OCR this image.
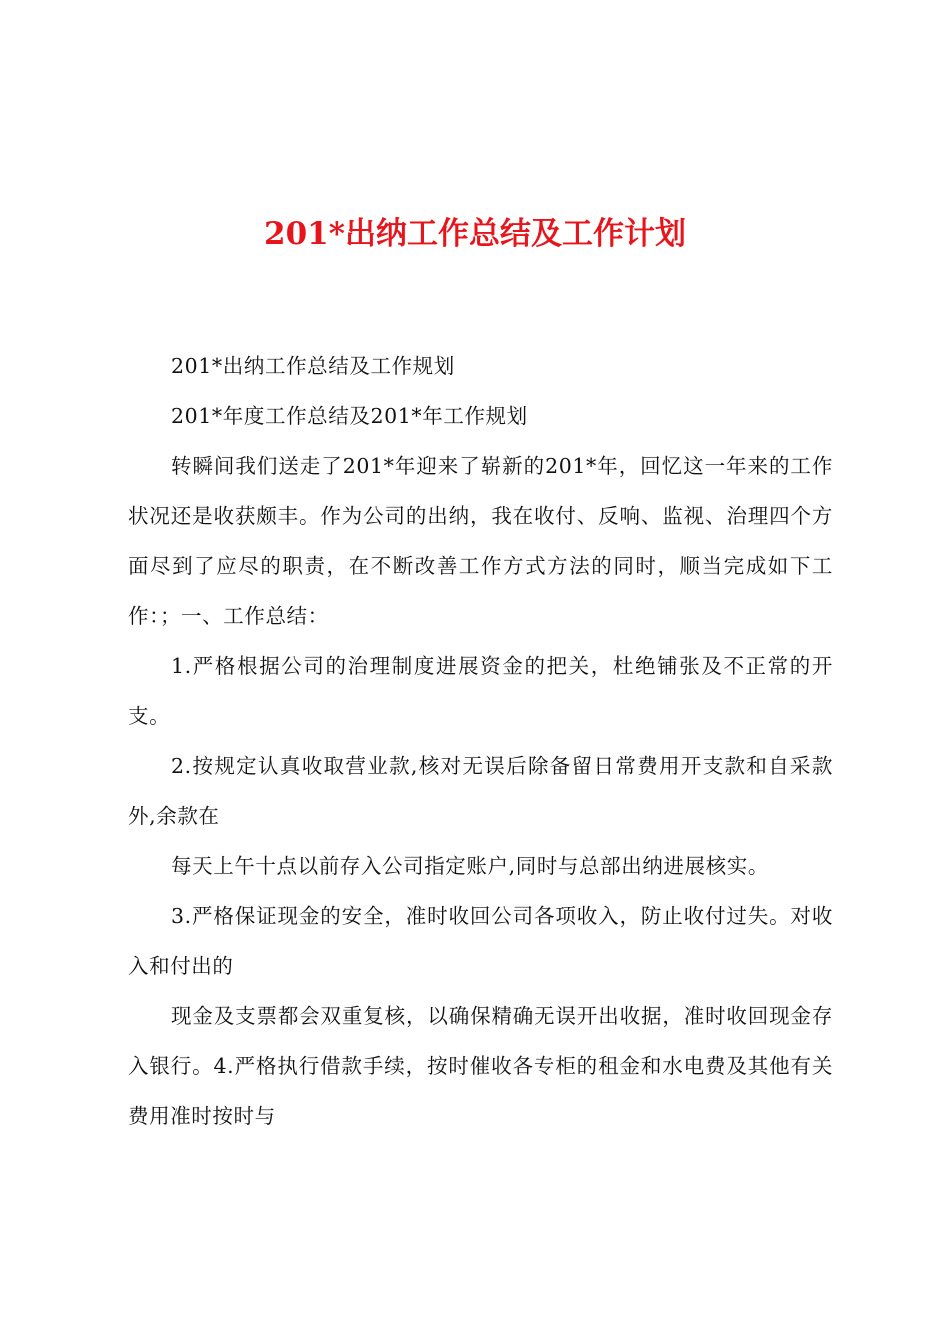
201*出纳工作总结及工作计划

201*出纳工作总结及工作规划

201*年度工作总结及201*年工作规划

转瞬间我们送走了201*年迎来了崭新的201*年，回忆这一年来的工作状况还是收获颇丰。作为公司的出纳，我在收付、反响、监视、治理四个方面尽到了应尽的职责，在不断改善工作方式方法的同时，顺当完成如下工作：；一、工作总结：

1.严格根据公司的治理制度进展资金的把关，杜绝铺张及不正常的开支。

2.按规定认真收取营业款,核对无误后除备留日常费用开支款和自采款外,余款在

每天上午十点以前存入公司指定账户,同时与总部出纳进展核实。

3.严格保证现金的安全，准时收回公司各项收入，防止收付过失。对收入和付出的

现金及支票都会双重复核，以确保精确无误开出收据，准时收回现金存入银行。4.严格执行借款手续，按时催收各专柜的租金和水电费及其他有关费用准时按时与
